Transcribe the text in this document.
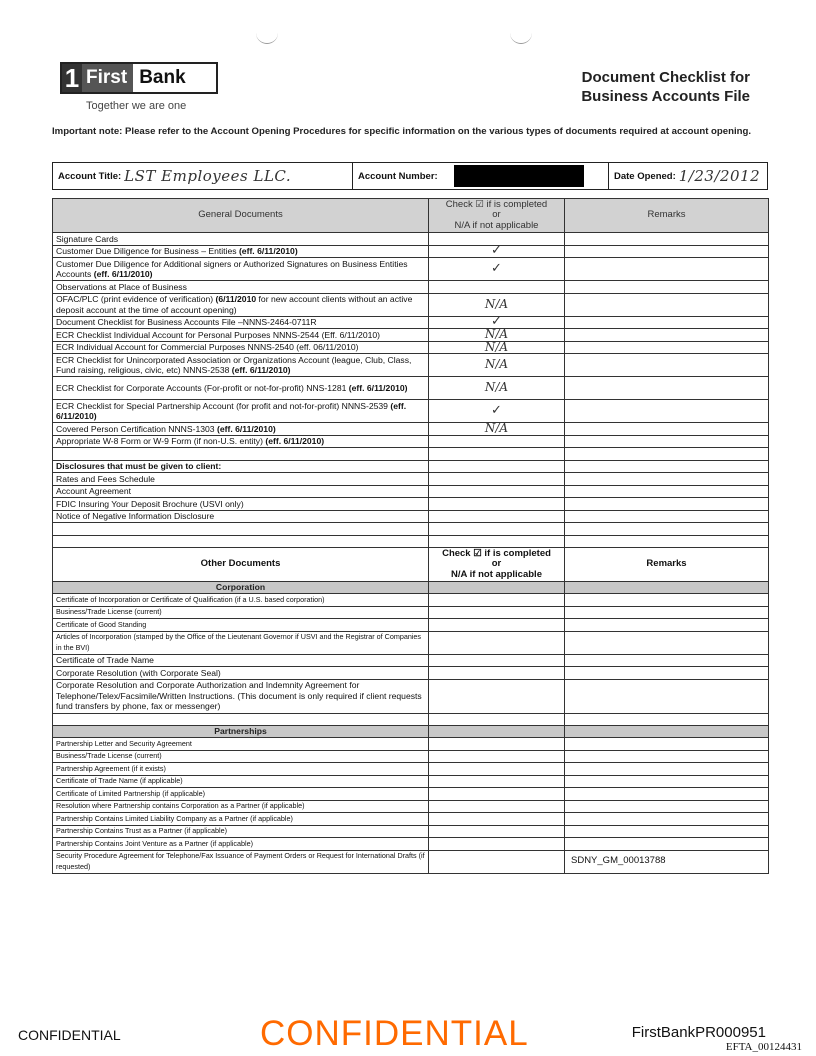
1 First Bank
Together we are one
Document Checklist for
Business Accounts File
Important note: Please refer to the Account Opening Procedures for specific information on the various types of documents required at account opening.
Account Title: LST Employees LLC.	Account Number:	Date Opened: 1/23/2012
General Documents	Check ☑ if is completed
or
N/A if not applicable	Remarks
Signature Cards		
Customer Due Diligence for Business – Entities (eff. 6/11/2010)	✓	
Customer Due Diligence for Additional signers or Authorized Signatures on Business Entities Accounts (eff. 6/11/2010)	✓	
Observations at Place of Business		
OFAC/PLC (print evidence of verification) (6/11/2010 for new account clients without an active deposit account at the time of account opening)	N/A	
Document Checklist for Business Accounts File –NNNS-2464-0711R	✓	
ECR Checklist Individual Account for Personal Purposes NNNS-2544 (Eff. 6/11/2010)	N/A	
ECR Individual Account for Commercial Purposes NNNS-2540 (eff. 06/11/2010)	N/A	
ECR Checklist for Unincorporated Association or Organizations Account (league, Club, Class, Fund raising, religious, civic, etc) NNNS-2538 (eff. 6/11/2010)	N/A	
ECR Checklist for Corporate Accounts (For-profit or not-for-profit) NNS-1281 (eff. 6/11/2010)	N/A	
ECR Checklist for Special Partnership Account (for profit and not-for-profit) NNNS-2539 (eff. 6/11/2010)	✓	
Covered Person Certification NNNS-1303 (eff. 6/11/2010)	N/A	
Appropriate W-8 Form or W-9 Form (if non-U.S. entity) (eff. 6/11/2010)		

Disclosures that must be given to client:		
Rates and Fees Schedule		
Account Agreement		
FDIC Insuring Your Deposit Brochure (USVI only)		
Notice of Negative Information Disclosure		

Other Documents	Check ☑ if is completed
or
N/A if not applicable	Remarks
Corporation		
Certificate of Incorporation or Certificate of Qualification (if a U.S. based corporation)		
Business/Trade License (current)		
Certificate of Good Standing		
Articles of Incorporation (stamped by the Office of the Lieutenant Governor if USVI and the Registrar of Companies in the BVI)		
Certificate of Trade Name		
Corporate Resolution (with Corporate Seal)		
Corporate Resolution and Corporate Authorization and Indemnity Agreement for Telephone/Telex/Facsimile/Written Instructions. (This document is only required if client requests fund transfers by phone, fax or messenger)		

Partnerships		
Partnership Letter and Security Agreement		
Business/Trade License (current)		
Partnership Agreement (if it exists)		
Certificate of Trade Name (if applicable)		
Certificate of Limited Partnership (if applicable)		
Resolution where Partnership contains Corporation as a Partner (if applicable)		
Partnership Contains Limited Liability Company as a Partner (if applicable)		
Partnership Contains Trust as a Partner (if applicable)		
Partnership Contains Joint Venture as a Partner (if applicable)		
Security Procedure Agreement for Telephone/Fax Issuance of Payment Orders or Request for International Drafts (if requested)		SDNY_GM_00013788
CONFIDENTIAL
CONFIDENTIAL	FirstBankPR000951
EFTA_00124431
